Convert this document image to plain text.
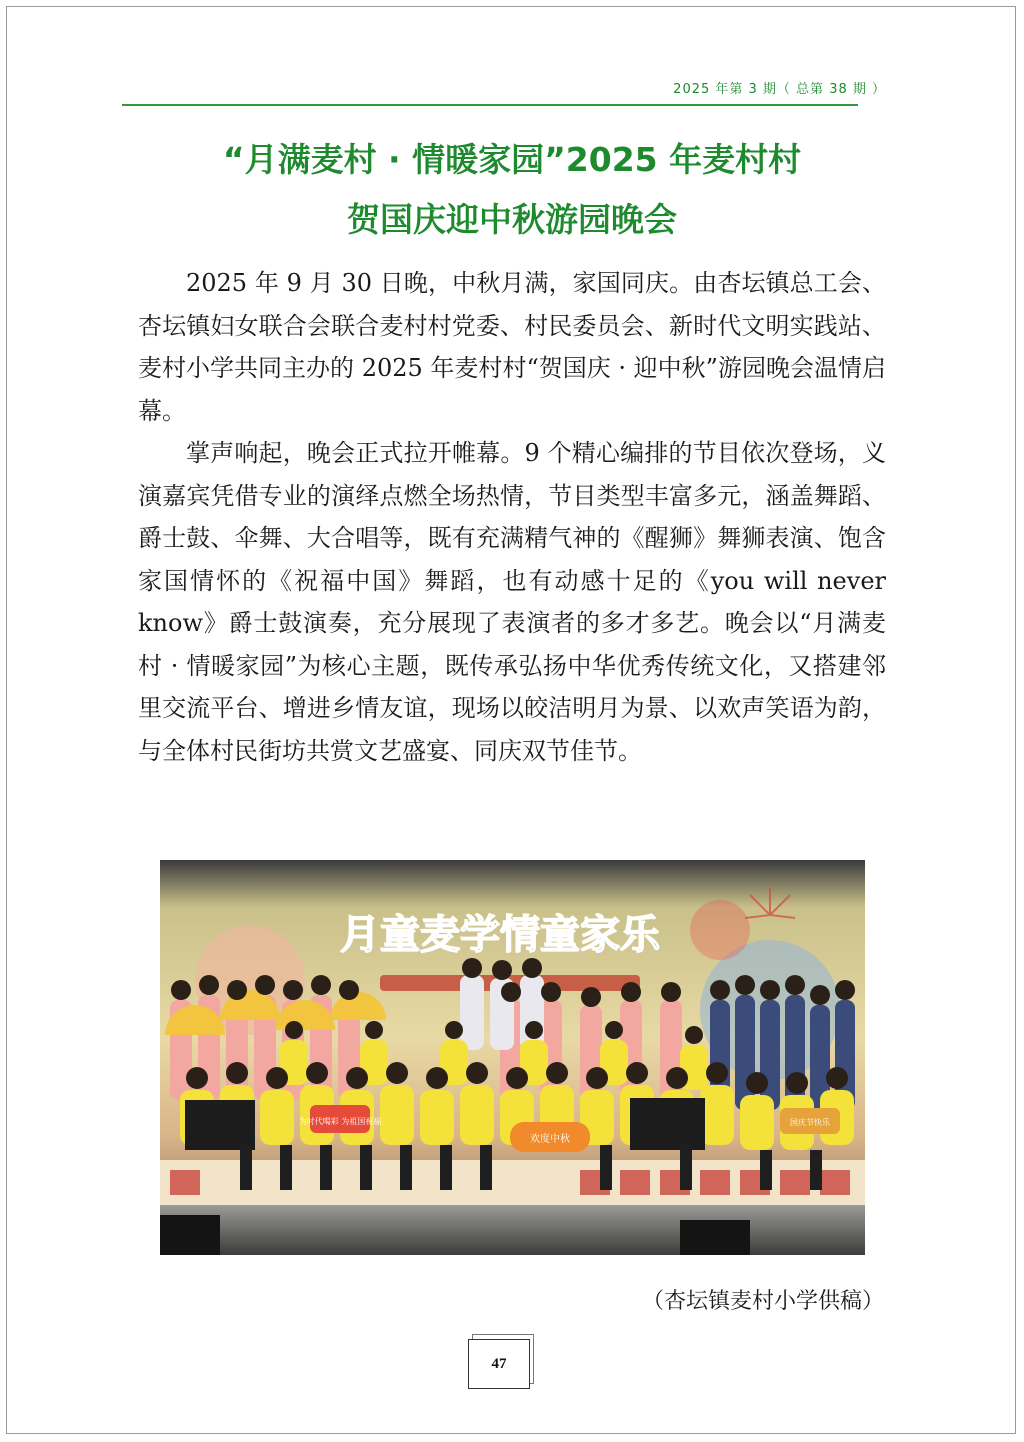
2025 年第 3 期（ 总第 38 期 ）
“月满麦村 · 情暖家园”2025 年麦村村
贺国庆迎中秋游园晚会

2025 年 9 月 30 日晚，中秋月满，家国同庆。由杏坛镇总工会、杏坛镇妇女联合会联合麦村村党委、村民委员会、新时代文明实践站、麦村小学共同主办的 2025 年麦村村“贺国庆 · 迎中秋”游园晚会温情启幕。

掌声响起，晚会正式拉开帷幕。9 个精心编排的节目依次登场，义演嘉宾凭借专业的演绎点燃全场热情，节目类型丰富多元，涵盖舞蹈、爵士鼓、伞舞、大合唱等，既有充满精气神的《醒狮》舞狮表演、饱含家国情怀的《祝福中国》舞蹈，也有动感十足的《you will never know》爵士鼓演奏，充分展现了表演者的多才多艺。晚会以“月满麦村 · 情暖家园”为核心主题，既传承弘扬中华优秀传统文化，又搭建邻里交流平台、增进乡情友谊，现场以皎洁明月为景、以欢声笑语为韵，与全体村民街坊共赏文艺盛宴、同庆双节佳节。

月童麦学情童家乐
为时代喝彩 为祖国祝福
欢度中秋
国庆节快乐
（杏坛镇麦村小学供稿）
47
